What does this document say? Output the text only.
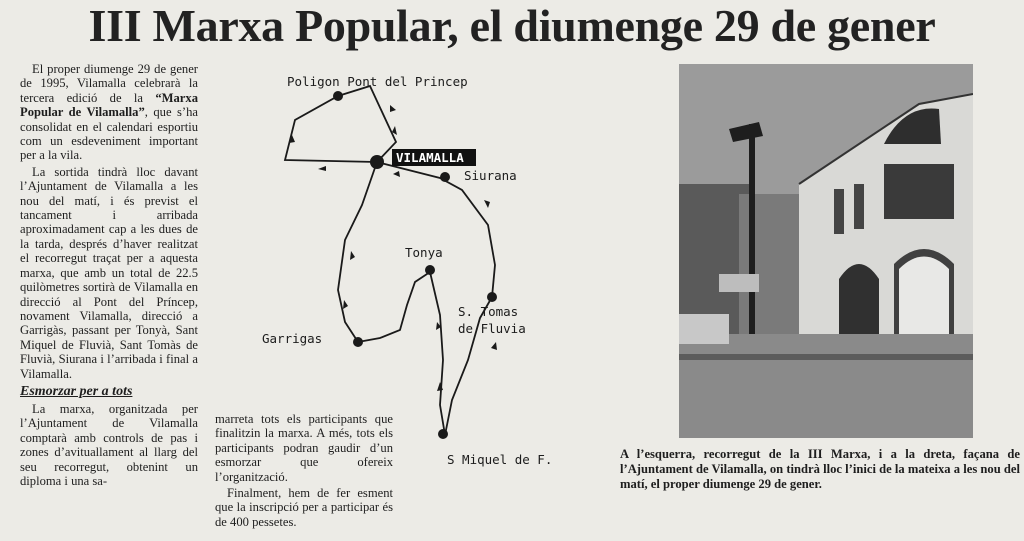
III Marxa Popular, el diumenge 29 de gener

El proper diumenge 29 de gener de 1995, Vilamalla celebrarà la tercera edició de la “Marxa Popular de Vilamalla”, que s’ha consolidat en el calendari esportiu com un esdeveniment important per a la vila.

La sortida tindrà lloc davant l’Ajuntament de Vilamalla a les nou del matí, i és previst el tancament i arribada aproximadament cap a les dues de la tarda, després d’haver realitzat el recorregut traçat per a aquesta marxa, que amb un total de 22.5 quilòmetres sortirà de Vilamalla en direcció al Pont del Príncep, novament Vilamalla, direcció a Garrigàs, passant per Tonyà, Sant Miquel de Fluvià, Sant Tomàs de Fluvià, Siurana i l’arribada i final a Vilamalla.

Esmorzar per a tots

La marxa, organitzada per l’Ajuntament de Vilamalla comptarà amb controls de pas i zones d’avituallament al llarg del seu recorregut, obtenint un diploma i una sa-

marreta tots els participants que finalitzin la marxa. A més, tots els participants podran gaudir d’un esmorzar que ofereix l’organització.

Finalment, hem de fer esment que la inscripció per a participar és de 400 pessetes.

VILAMALLA
Poligon Pont del Princep
Siurana
Tonya
S. Tomas
de Fluvia
Garrigas
S Miquel de F.	A l’esquerra, recorregut de la III Marxa, i a la dreta, façana de l’Ajuntament de Vilamalla, on tindrà lloc l’inici de la mateixa a les nou del matí, el proper diumenge 29 de gener.
